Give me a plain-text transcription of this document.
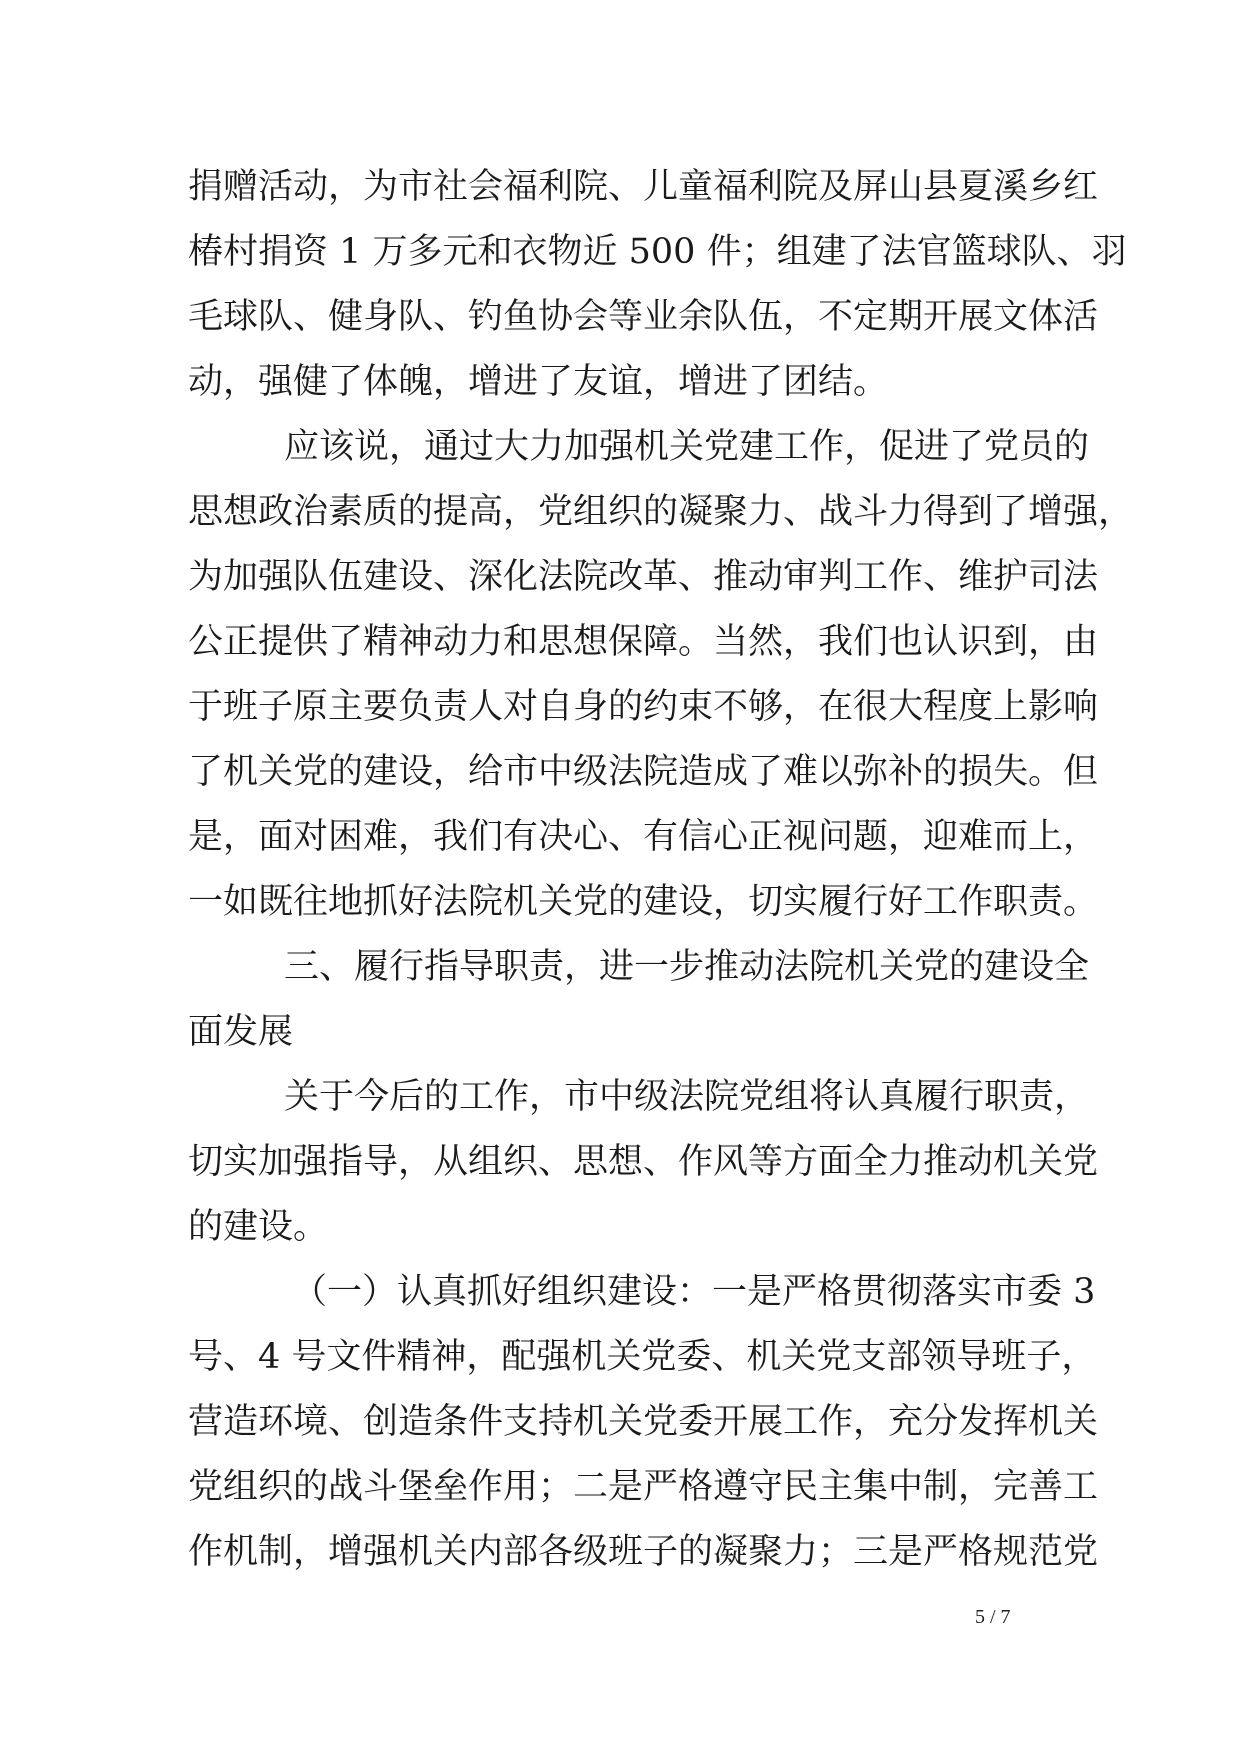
捐赠活动，为市社会福利院、儿童福利院及屏山县夏溪乡红
椿村捐资 1 万多元和衣物近 500 件；组建了法官篮球队、羽
毛球队、健身队、钓鱼协会等业余队伍，不定期开展文体活
动，强健了体魄，增进了友谊，增进了团结。
应该说，通过大力加强机关党建工作，促进了党员的
思想政治素质的提高，党组织的凝聚力、战斗力得到了增强，
为加强队伍建设、深化法院改革、推动审判工作、维护司法
公正提供了精神动力和思想保障。当然，我们也认识到，由
于班子原主要负责人对自身的约束不够，在很大程度上影响
了机关党的建设，给市中级法院造成了难以弥补的损失。但
是，面对困难，我们有决心、有信心正视问题，迎难而上，
一如既往地抓好法院机关党的建设，切实履行好工作职责。
三、履行指导职责，进一步推动法院机关党的建设全
面发展
关于今后的工作，市中级法院党组将认真履行职责，
切实加强指导，从组织、思想、作风等方面全力推动机关党
的建设。
（一）认真抓好组织建设：一是严格贯彻落实市委 3
号、4 号文件精神，配强机关党委、机关党支部领导班子，
营造环境、创造条件支持机关党委开展工作，充分发挥机关
党组织的战斗堡垒作用；二是严格遵守民主集中制，完善工
作机制，增强机关内部各级班子的凝聚力；三是严格规范党
5 / 7
